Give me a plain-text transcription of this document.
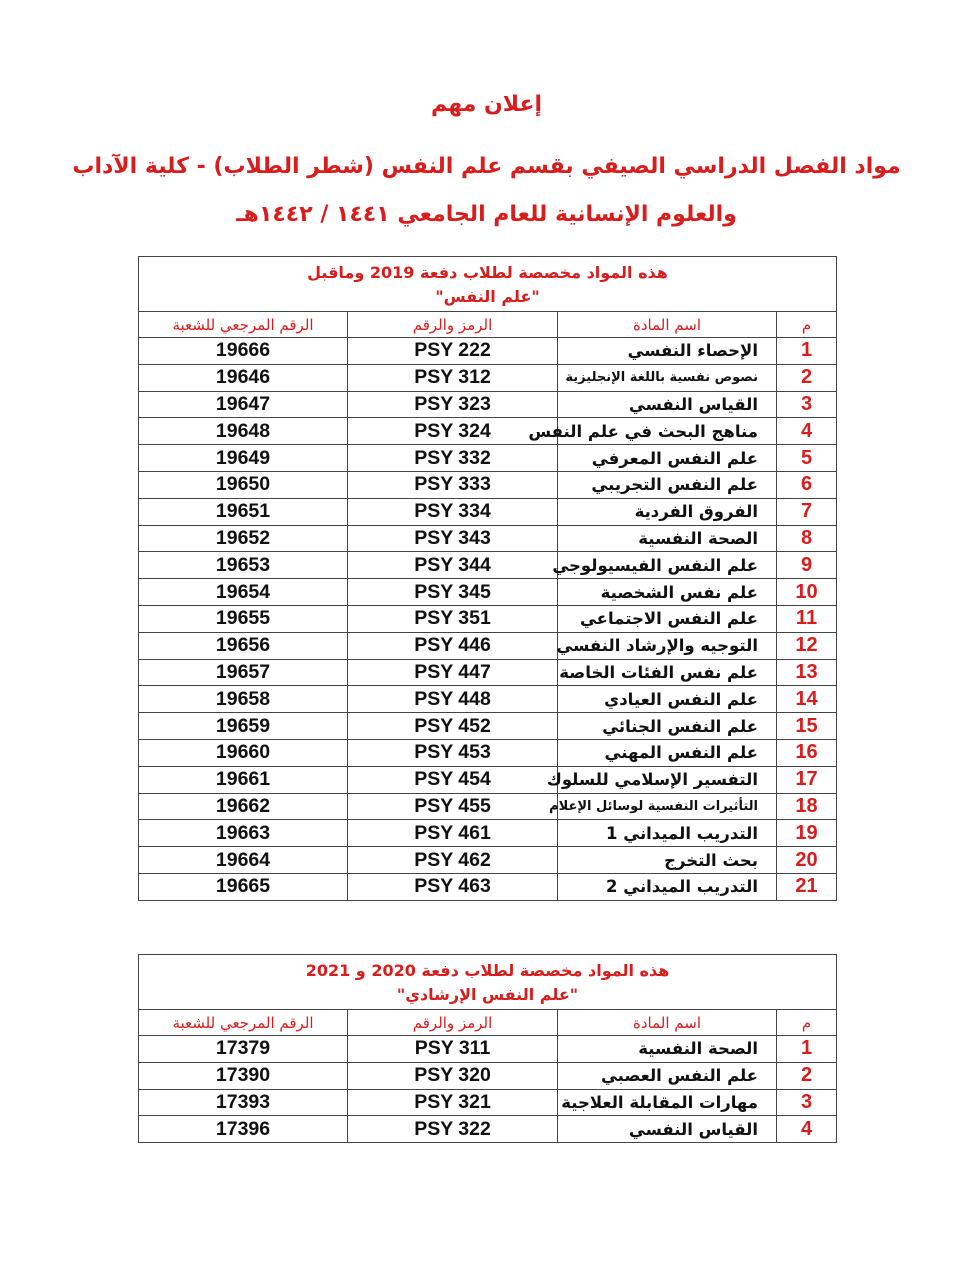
إعلان مهم
مواد الفصل الدراسي الصيفي بقسم علم النفس (شطر الطلاب) - كلية الآداب
والعلوم الإنسانية للعام الجامعي ١٤٤١ / ١٤٤٢هـ
هذه المواد مخصصة لطلاب دفعة 2019 وماقبل
"علم النفس"			

م	اسم المادة	الرمز والرقم	الرقم المرجعي للشعبة
1	الإحصاء النفسي	PSY 222	19666
2	نصوص نفسية باللغة الإنجليزية	PSY 312	19646
3	القياس النفسي	PSY 323	19647
4	مناهج البحث في علم النفس	PSY 324	19648
5	علم النفس المعرفي	PSY 332	19649
6	علم النفس التجريبي	PSY 333	19650
7	الفروق الفردية	PSY 334	19651
8	الصحة النفسية	PSY 343	19652
9	علم النفس الفيسيولوجي	PSY 344	19653
10	علم نفس الشخصية	PSY 345	19654
11	علم النفس الاجتماعي	PSY 351	19655
12	التوجيه والإرشاد النفسي	PSY 446	19656
13	علم نفس الفئات الخاصة	PSY 447	19657
14	علم النفس العيادي	PSY 448	19658
15	علم النفس الجنائي	PSY 452	19659
16	علم النفس المهني	PSY 453	19660
17	التفسير الإسلامي للسلوك	PSY 454	19661
18	التأثيرات النفسية لوسائل الإعلام	PSY 455	19662
19	التدريب الميداني 1	PSY 461	19663
20	بحث التخرج	PSY 462	19664
21	التدريب الميداني 2	PSY 463	19665
هذه المواد مخصصة لطلاب دفعة 2020 و 2021
"علم النفس الإرشادي"			

م	اسم المادة	الرمز والرقم	الرقم المرجعي للشعبة
1	الصحة النفسية	PSY 311	17379
2	علم النفس العصبي	PSY 320	17390
3	مهارات المقابلة العلاجية	PSY 321	17393
4	القياس النفسي	PSY 322	17396
